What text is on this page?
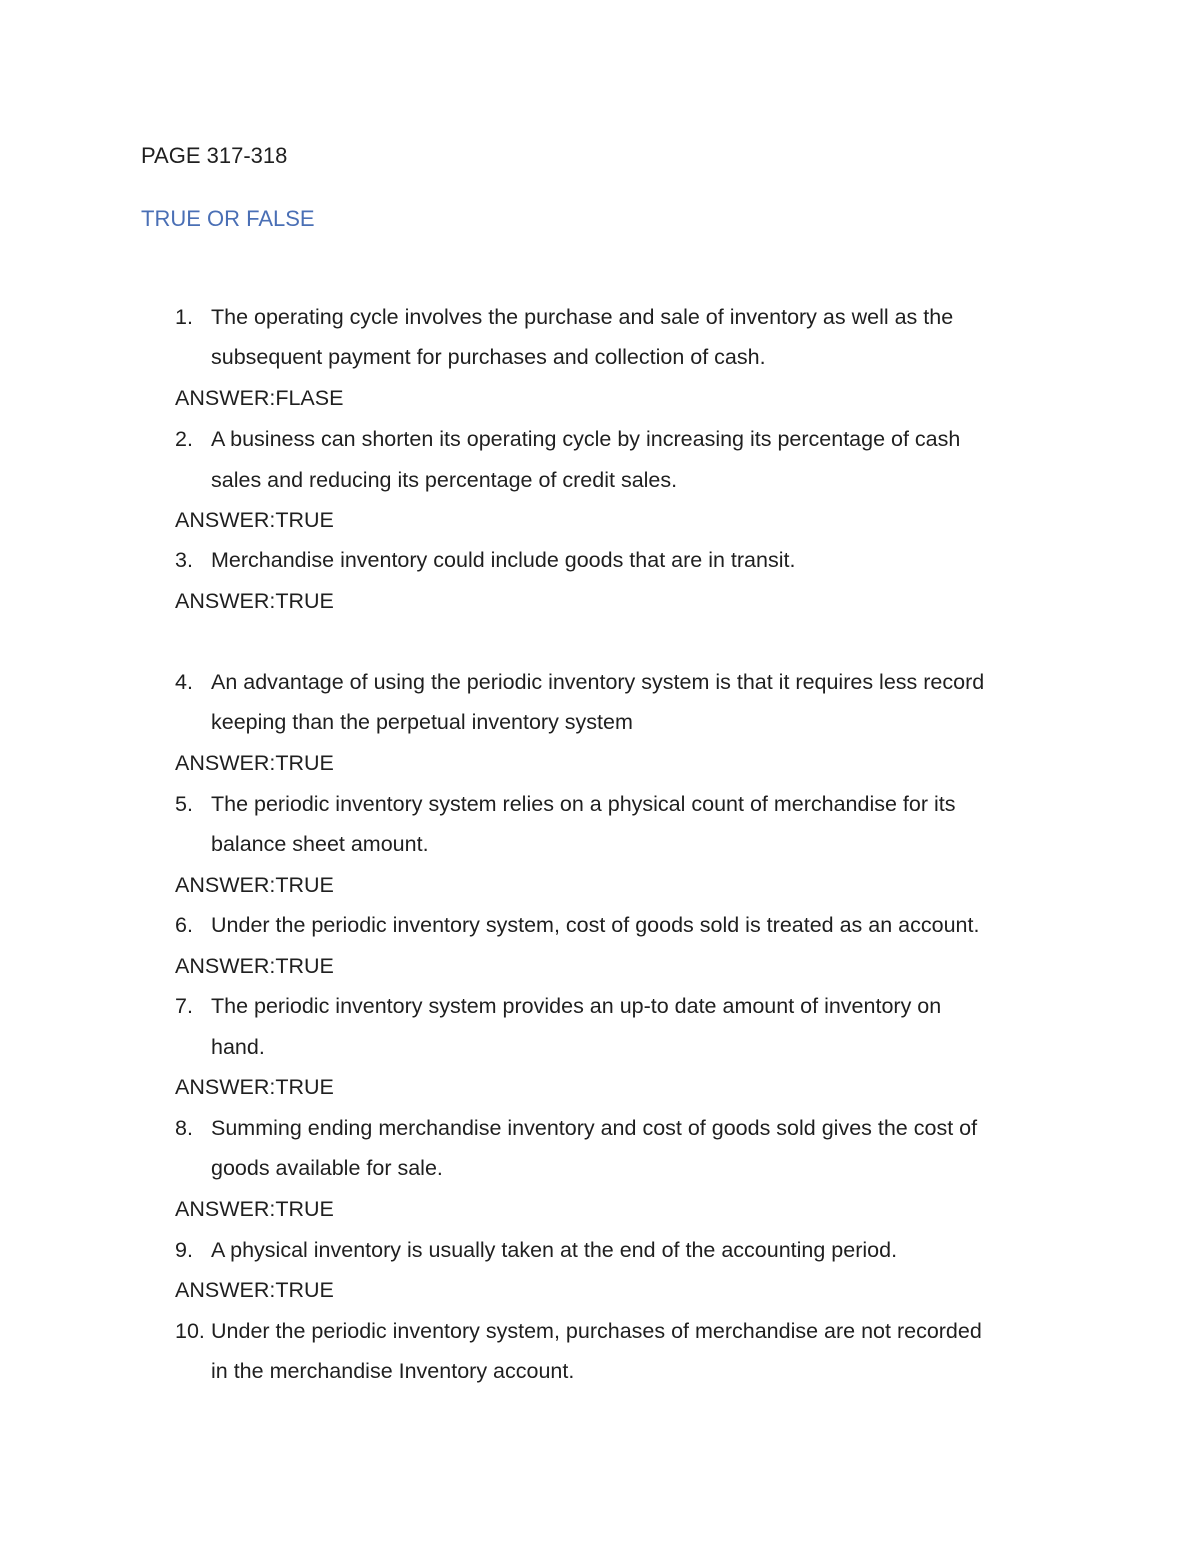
PAGE 317-318
TRUE OR FALSE
1. The operating cycle involves the purchase and sale of inventory as well as the
subsequent payment for purchases and collection of cash.
ANSWER:FLASE
2. A business can shorten its operating cycle by increasing its percentage of cash
sales and reducing its percentage of credit sales.
ANSWER:TRUE
3. Merchandise inventory could include goods that are in transit.
ANSWER:TRUE
4. An advantage of using the periodic inventory system is that it requires less record
keeping than the perpetual inventory system
ANSWER:TRUE
5. The periodic inventory system relies on a physical count of merchandise for its
balance sheet amount.
ANSWER:TRUE
6. Under the periodic inventory system, cost of goods sold is treated as an account.
ANSWER:TRUE
7. The periodic inventory system provides an up-to date amount of inventory on
hand.
ANSWER:TRUE
8. Summing ending merchandise inventory and cost of goods sold gives the cost of
goods available for sale.
ANSWER:TRUE
9. A physical inventory is usually taken at the end of the accounting period.
ANSWER:TRUE
10. Under the periodic inventory system, purchases of merchandise are not recorded
in the merchandise Inventory account.
